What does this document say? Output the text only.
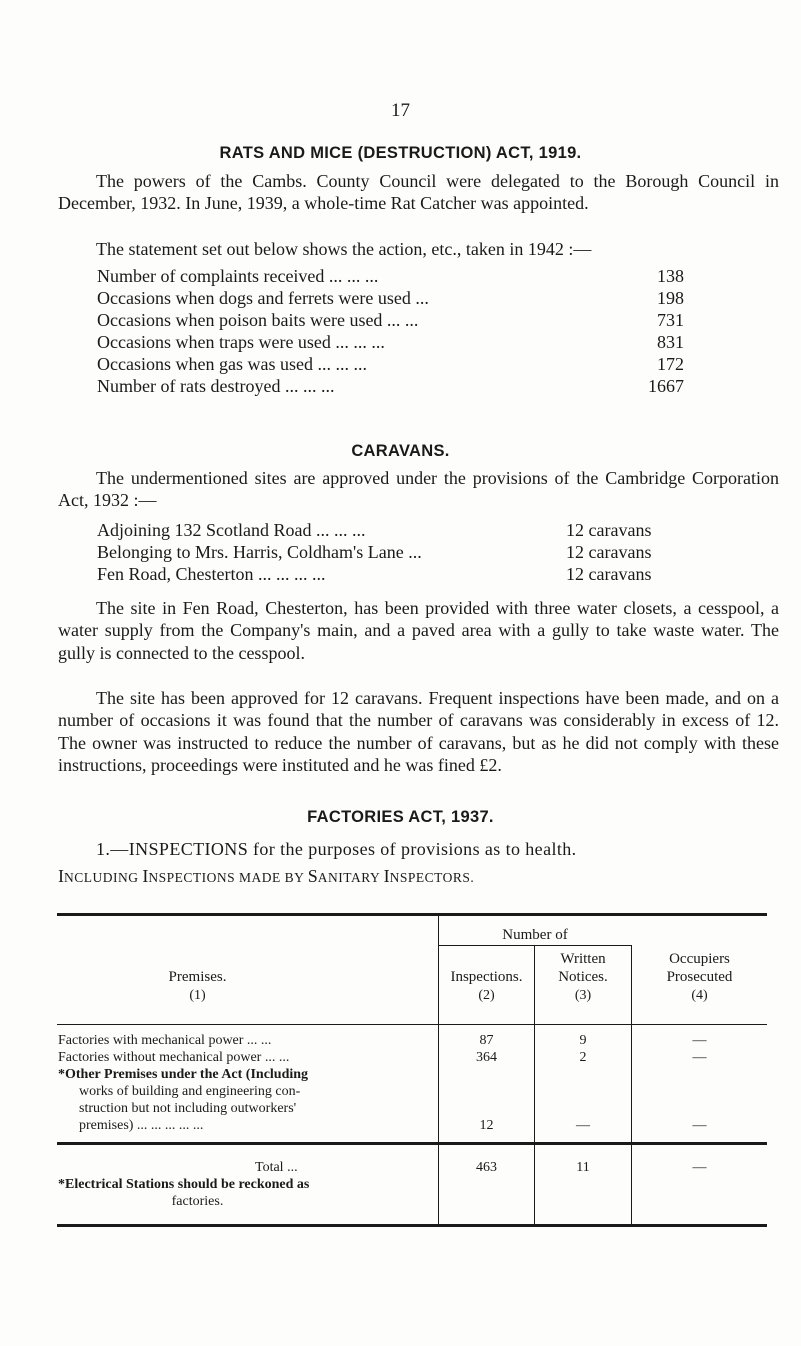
17
RATS AND MICE (DESTRUCTION) ACT, 1919.

The powers of the Cambs. County Council were delegated to the Borough Council in December, 1932. In June, 1939, a whole-time Rat Catcher was appointed.

The statement set out below shows the action, etc., taken in 1942 :—

Number of complaints received ... ... ...	138
Occasions when dogs and ferrets were used ...	198
Occasions when poison baits were used ... ...	731
Occasions when traps were used ... ... ...	831
Occasions when gas was used ... ... ...	172
Number of rats destroyed ... ... ...	1667
CARAVANS.

The undermentioned sites are approved under the provisions of the Cambridge Corporation Act, 1932 :—

Adjoining 132 Scotland Road ... ... ...	12 caravans
Belonging to Mrs. Harris, Coldham's Lane ...	12 caravans
Fen Road, Chesterton ... ... ... ...	12 caravans

The site in Fen Road, Chesterton, has been provided with three water closets, a cesspool, a water supply from the Company's main, and a paved area with a gully to take waste water. The gully is connected to the cesspool.

The site has been approved for 12 caravans. Frequent inspections have been made, and on a number of occasions it was found that the number of caravans was considerably in excess of 12. The owner was instructed to reduce the number of caravans, but as he did not comply with these instructions, proceedings were instituted and he was fined £2.

FACTORIES ACT, 1937.

1.—INSPECTIONS for the purposes of provisions as to health.

INCLUDING INSPECTIONS MADE BY SANITARY INSPECTORS.
Number of
Premises.
(1)
Inspections.
(2)
Written
Notices.
(3)
Occupiers
Prosecuted
(4)
Factories with mechanical power ... ...	87	9	—
Factories without mechanical power ... ...	364	2	—
*Other Premises under the Act (Including
works of building and engineering con-
struction but not including outworkers'
premises) ... ... ... ... ...	12	—	—
Total ...	463	11	—
*Electrical Stations should be reckoned as
factories.
